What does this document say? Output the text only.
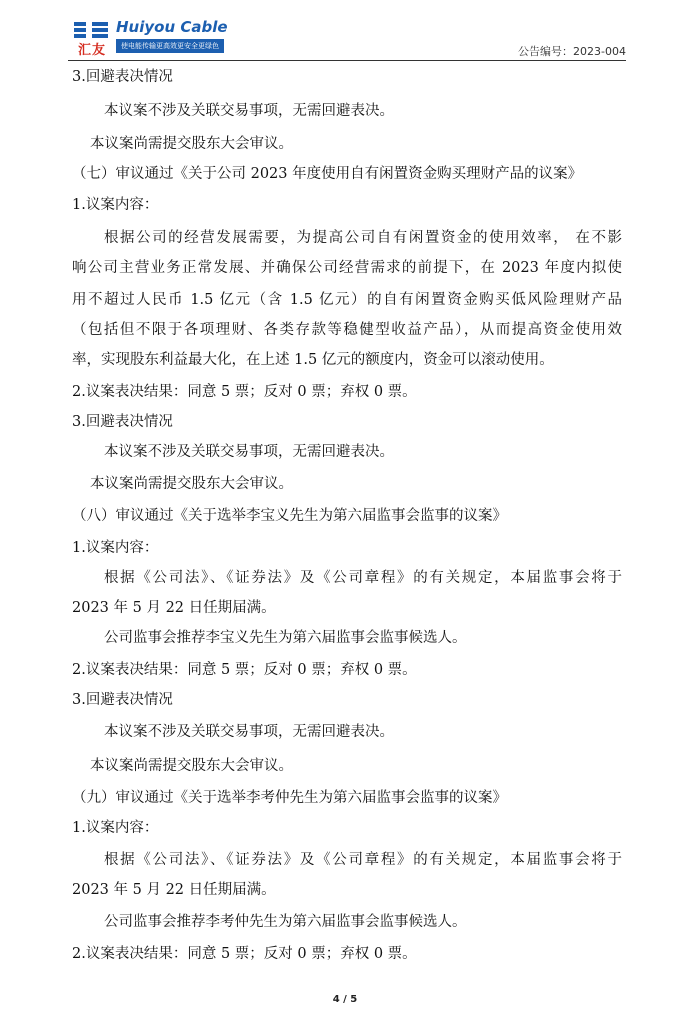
汇友
Huiyou Cable
使电能传输更高效更安全更绿色	公告编号：2023-004
3.回避表决情况
本议案不涉及关联交易事项，无需回避表决。
本议案尚需提交股东大会审议。
（七）审议通过《关于公司 2023 年度使用自有闲置资金购买理财产品的议案》
1.议案内容：
根据公司的经营发展需要，为提高公司自有闲置资金的使用效率， 在不影
响公司主营业务正常发展、并确保公司经营需求的前提下，在 2023 年度内拟使
用不超过人民币 1.5 亿元（含 1.5 亿元）的自有闲置资金购买低风险理财产品
（包括但不限于各项理财、各类存款等稳健型收益产品），从而提高资金使用效
率，实现股东利益最大化，在上述 1.5 亿元的额度内，资金可以滚动使用。
2.议案表决结果：同意 5 票；反对 0 票；弃权 0 票。
3.回避表决情况
本议案不涉及关联交易事项，无需回避表决。
本议案尚需提交股东大会审议。
（八）审议通过《关于选举李宝义先生为第六届监事会监事的议案》
1.议案内容：
根据《公司法》、《证券法》及《公司章程》的有关规定，本届监事会将于
2023 年 5 月 22 日任期届满。
公司监事会推荐李宝义先生为第六届监事会监事候选人。
2.议案表决结果：同意 5 票；反对 0 票；弃权 0 票。
3.回避表决情况
本议案不涉及关联交易事项，无需回避表决。
本议案尚需提交股东大会审议。
（九）审议通过《关于选举李考仲先生为第六届监事会监事的议案》
1.议案内容：
根据《公司法》、《证券法》及《公司章程》的有关规定，本届监事会将于
2023 年 5 月 22 日任期届满。
公司监事会推荐李考仲先生为第六届监事会监事候选人。
2.议案表决结果：同意 5 票；反对 0 票；弃权 0 票。
4 / 5
